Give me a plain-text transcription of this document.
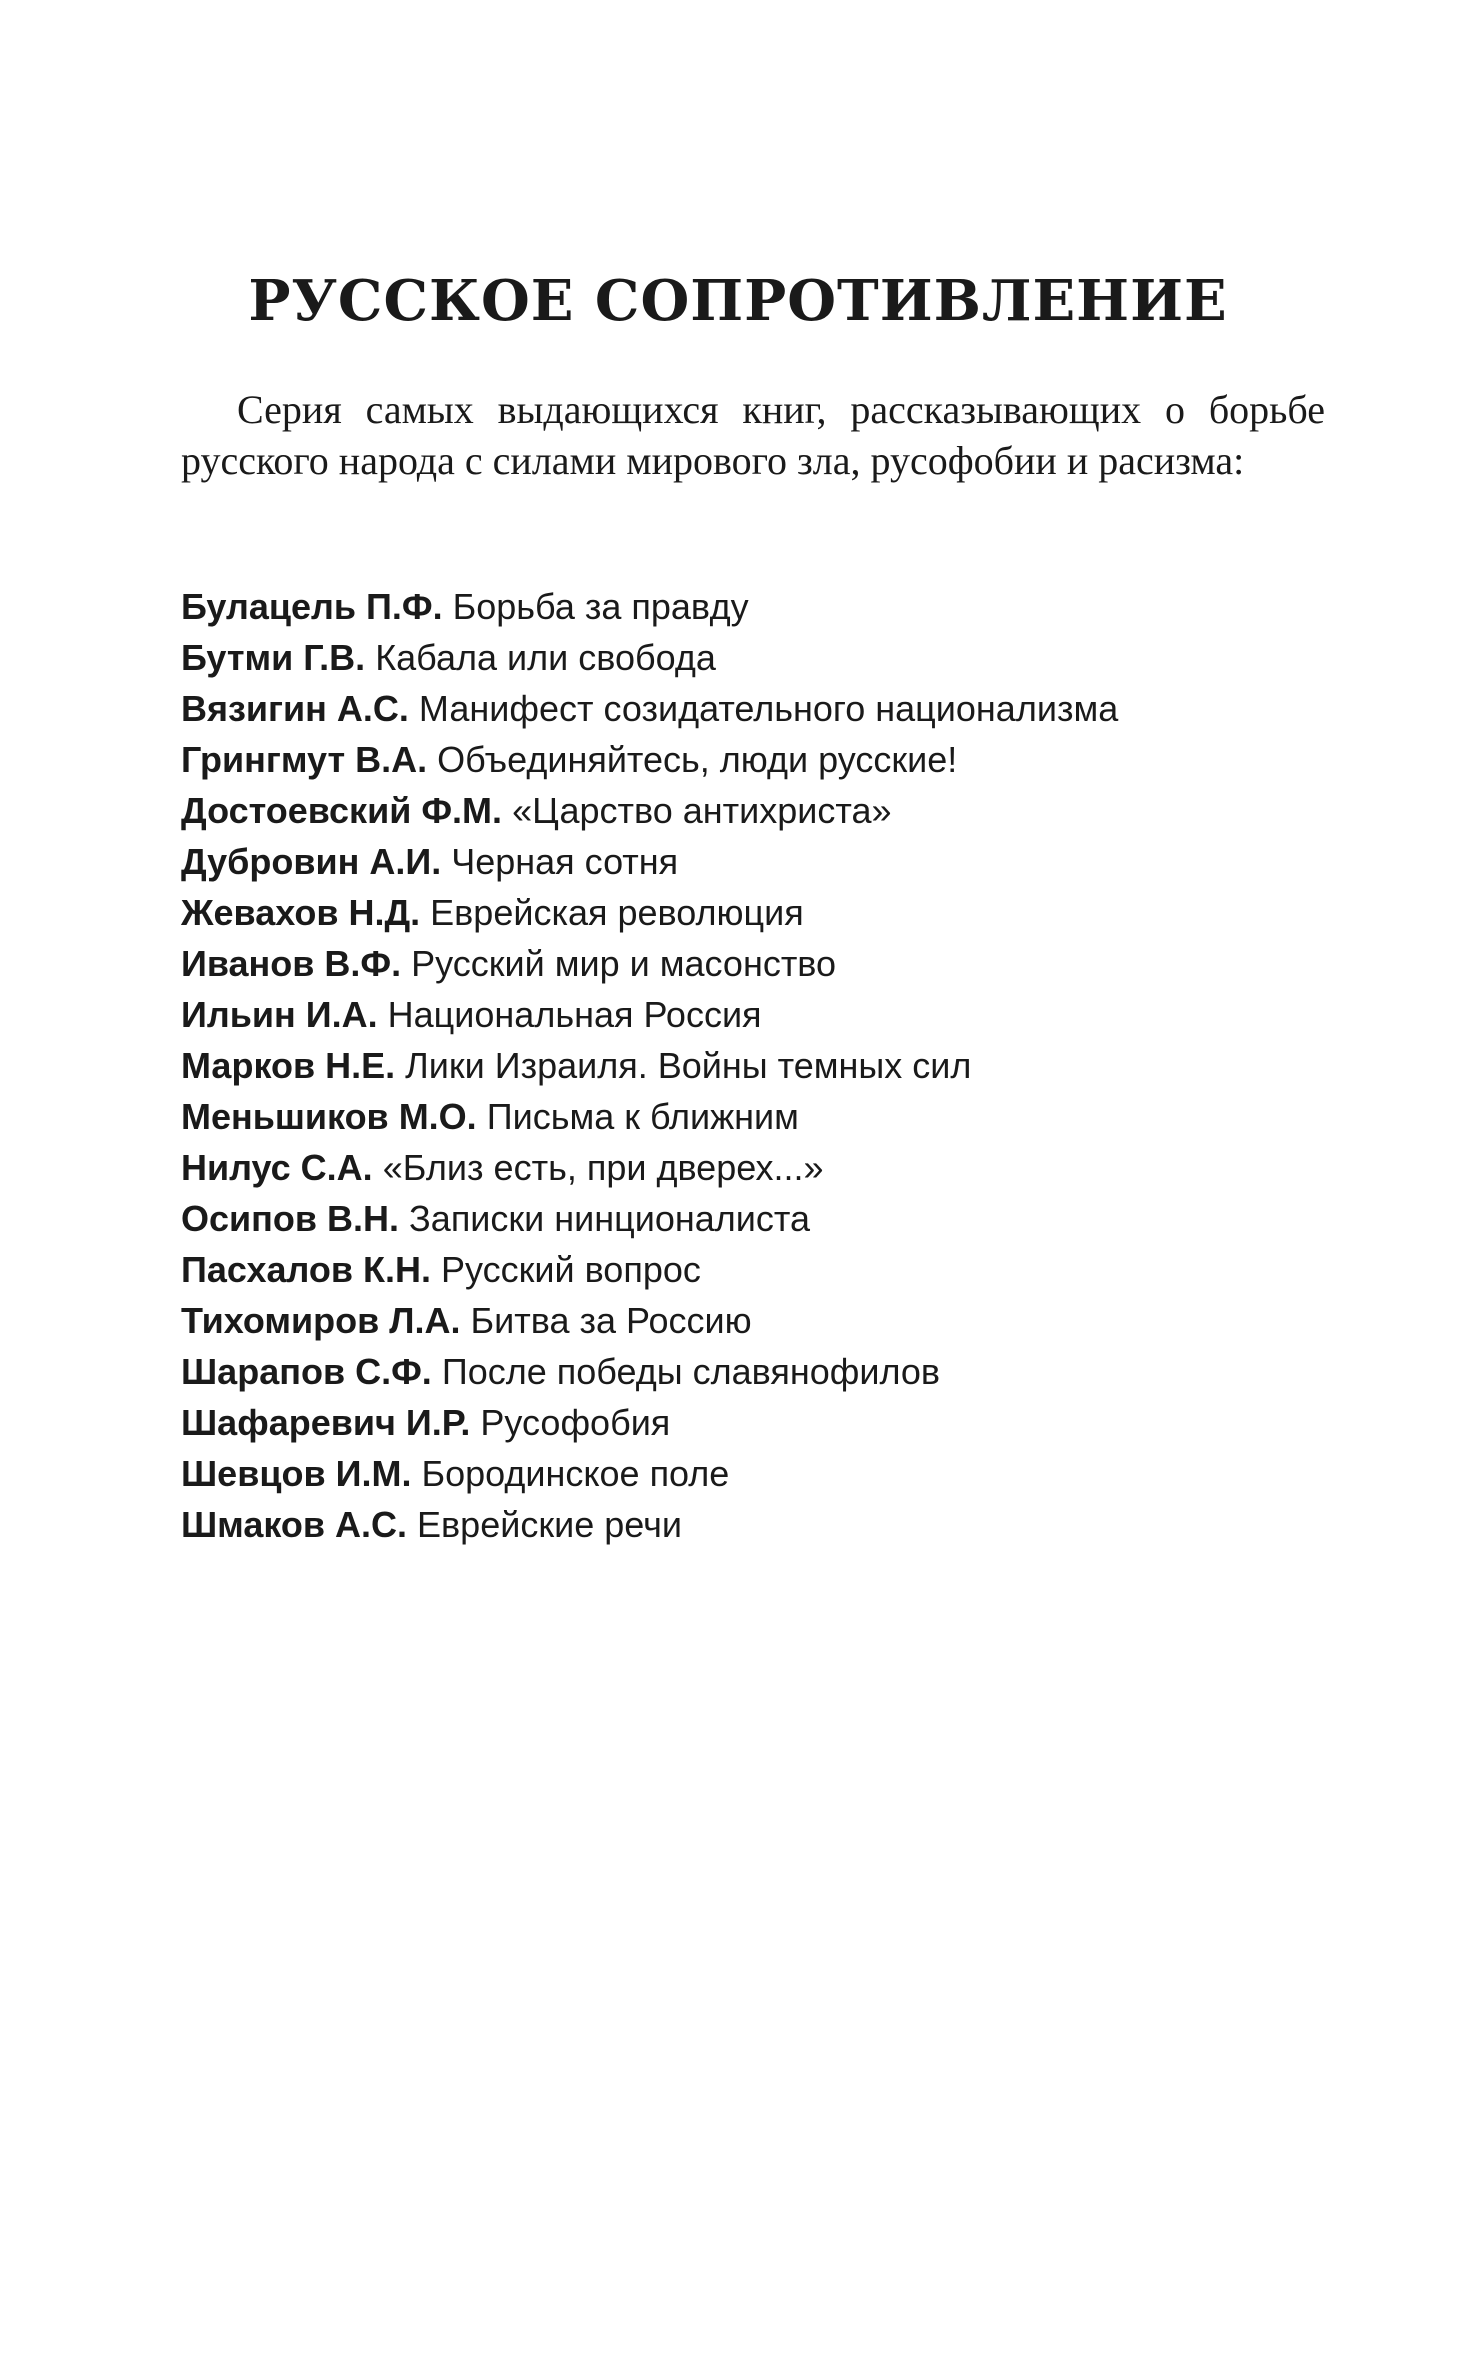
РУССКОЕ СОПРОТИВЛЕНИЕ

Серия самых выдающихся книг, рассказывающих о борьбе русского народа с силами мирового зла, русофобии и расизма:

Булацель П.Ф. Борьба за правду
Бутми Г.В. Кабала или свобода
Вязигин А.С. Манифест созидательного национализма
Грингмут В.А. Объединяйтесь, люди русские!
Достоевский Ф.М. «Царство антихриста»
Дубровин А.И. Черная сотня
Жевахов Н.Д. Еврейская революция
Иванов В.Ф. Русский мир и масонство
Ильин И.А. Национальная Россия
Марков Н.Е. Лики Израиля. Войны темных сил
Меньшиков М.О. Письма к ближним
Нилус С.А. «Близ есть, при дверех...»
Осипов В.Н. Записки нинционалиста
Пасхалов К.Н. Русский вопрос
Тихомиров Л.А. Битва за Россию
Шарапов С.Ф. После победы славянофилов
Шафаревич И.Р. Русофобия
Шевцов И.М. Бородинское поле
Шмаков А.С. Еврейские речи
